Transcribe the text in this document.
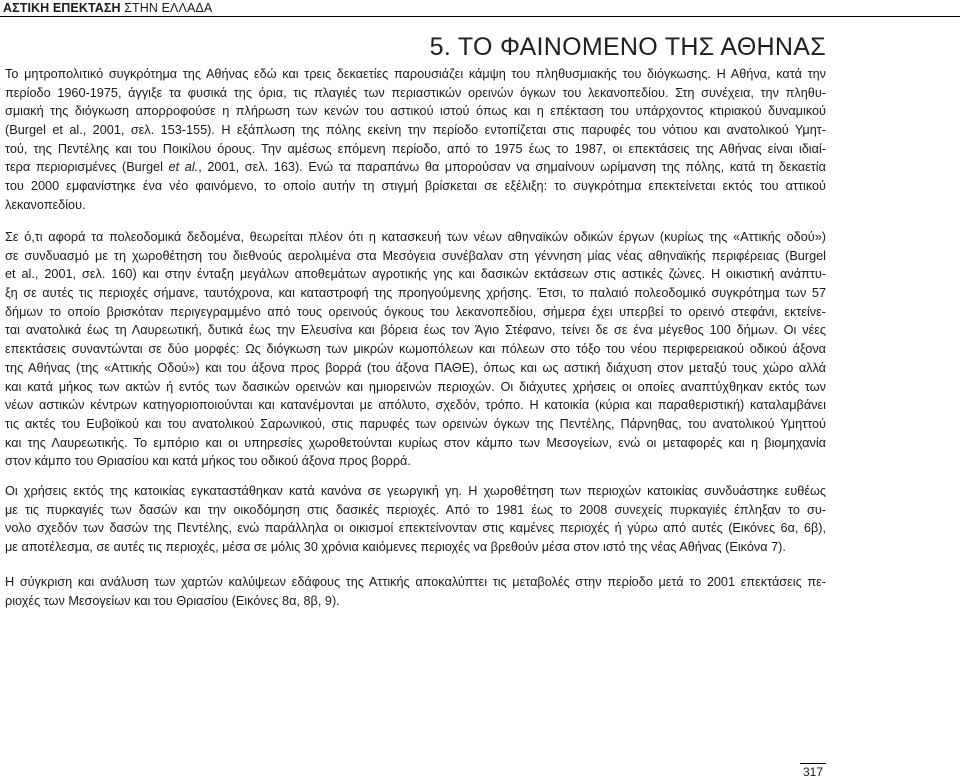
ΑΣΤΙΚΗ ΕΠΕΚΤΑΣΗ ΣΤΗΝ ΕΛΛΑΔΑ
5. ΤΟ ΦΑΙΝΟΜΕΝΟ ΤΗΣ ΑΘΗΝΑΣ
Το μητροπολιτικό συγκρότημα της Αθήνας εδώ και τρεις δεκαετίες παρουσιάζει κάμψη του πληθυσμιακής του διόγκωσης. Η Αθήνα, κατά την
περίοδο 1960-1975, άγγιξε τα φυσικά της όρια, τις πλαγιές των περιαστικών ορεινών όγκων του λεκανοπεδίου. Στη συνέχεια, την πληθυ-
σμιακή της διόγκωση απορροφούσε η πλήρωση των κενών του αστικού ιστού όπως και η επέκταση του υπάρχοντος κτιριακού δυναμικού
(Burgel et al., 2001, σελ. 153-155). Η εξάπλωση της πόλης εκείνη την περίοδο εντοπίζεται στις παρυφές του νότιου και ανατολικού Υμητ-
τού, της Πεντέλης και του Ποικίλου όρους. Την αμέσως επόμενη περίοδο, από το 1975 έως το 1987, οι επεκτάσεις της Αθήνας είναι ιδιαί-
τερα περιορισμένες (Burgel et al., 2001, σελ. 163). Ενώ τα παραπάνω θα μπορούσαν να σημαίνουν ωρίμανση της πόλης, κατά τη δεκαετία
του 2000 εμφανίστηκε ένα νέο φαινόμενο, το οποίο αυτήν τη στιγμή βρίσκεται σε εξέλιξη: το συγκρότημα επεκτείνεται εκτός του αττικού
λεκανοπεδίου.
Σε ό,τι αφορά τα πολεοδομικά δεδομένα, θεωρείται πλέον ότι η κατασκευή των νέων αθηναϊκών οδικών έργων (κυρίως της «Αττικής οδού»)
σε συνδυασμό με τη χωροθέτηση του διεθνούς αερολιμένα στα Μεσόγεια συνέβαλαν στη γέννηση μίας νέας αθηναϊκής περιφέρειας (Burgel
et al., 2001, σελ. 160) και στην ένταξη μεγάλων αποθεμάτων αγροτικής γης και δασικών εκτάσεων στις αστικές ζώνες. Η οικιστική ανάπτυ-
ξη σε αυτές τις περιοχές σήμανε, ταυτόχρονα, και καταστροφή της προηγούμενης χρήσης. Έτσι, το παλαιό πολεοδομικό συγκρότημα των 57
δήμων το οποίο βρισκόταν περιγεγραμμένο από τους ορεινούς όγκους του λεκανοπεδίου, σήμερα έχει υπερβεί το ορεινό στεφάνι, εκτείνε-
ται ανατολικά έως τη Λαυρεωτική, δυτικά έως την Ελευσίνα και βόρεια έως τον Άγιο Στέφανο, τείνει δε σε ένα μέγεθος 100 δήμων. Οι νέες
επεκτάσεις συναντώνται σε δύο μορφές: Ως διόγκωση των μικρών κωμοπόλεων και πόλεων στο τόξο του νέου περιφερειακού οδικού άξονα
της Αθήνας (της «Αττικής Οδού») και του άξονα προς βορρά (του άξονα ΠΑΘΕ), όπως και ως αστική διάχυση στον μεταξύ τους χώρο αλλά
και κατά μήκος των ακτών ή εντός των δασικών ορεινών και ημιορεινών περιοχών. Οι διάχυτες χρήσεις οι οποίες αναπτύχθηκαν εκτός των
νέων αστικών κέντρων κατηγοριοποιούνται και κατανέμονται με απόλυτο, σχεδόν, τρόπο. Η κατοικία (κύρια και παραθεριστική) καταλαμβάνει
τις ακτές του Ευβοϊκού και του ανατολικού Σαρωνικού, στις παρυφές των ορεινών όγκων της Πεντέλης, Πάρνηθας, του ανατολικού Υμηττού
και της Λαυρεωτικής. Το εμπόριο και οι υπηρεσίες χωροθετούνται κυρίως στον κάμπο των Μεσογείων, ενώ οι μεταφορές και η βιομηχανία
στον κάμπο του Θριασίου και κατά μήκος του οδικού άξονα προς βορρά.
Οι χρήσεις εκτός της κατοικίας εγκαταστάθηκαν κατά κανόνα σε γεωργική γη. Η χωροθέτηση των περιοχών κατοικίας συνδυάστηκε ευθέως
με τις πυρκαγιές των δασών και την οικοδόμηση στις δασικές περιοχές. Από το 1981 έως το 2008 συνεχείς πυρκαγιές έπληξαν το συ-
νολο σχεδόν των δασών της Πεντέλης, ενώ παράλληλα οι οικισμοί επεκτείνονταν στις καμένες περιοχές ή γύρω από αυτές (Εικόνες 6α, 6β),
με αποτέλεσμα, σε αυτές τις περιοχές, μέσα σε μόλις 30 χρόνια καιόμενες περιοχές να βρεθούν μέσα στον ιστό της νέας Αθήνας (Εικόνα 7).
Η σύγκριση και ανάλυση των χαρτών καλύψεων εδάφους της Αττικής αποκαλύπτει τις μεταβολές στην περίοδο μετά το 2001 επεκτάσεις πε-
ριοχές των Μεσογείων και του Θριασίου (Εικόνες 8α, 8β, 9).
317
